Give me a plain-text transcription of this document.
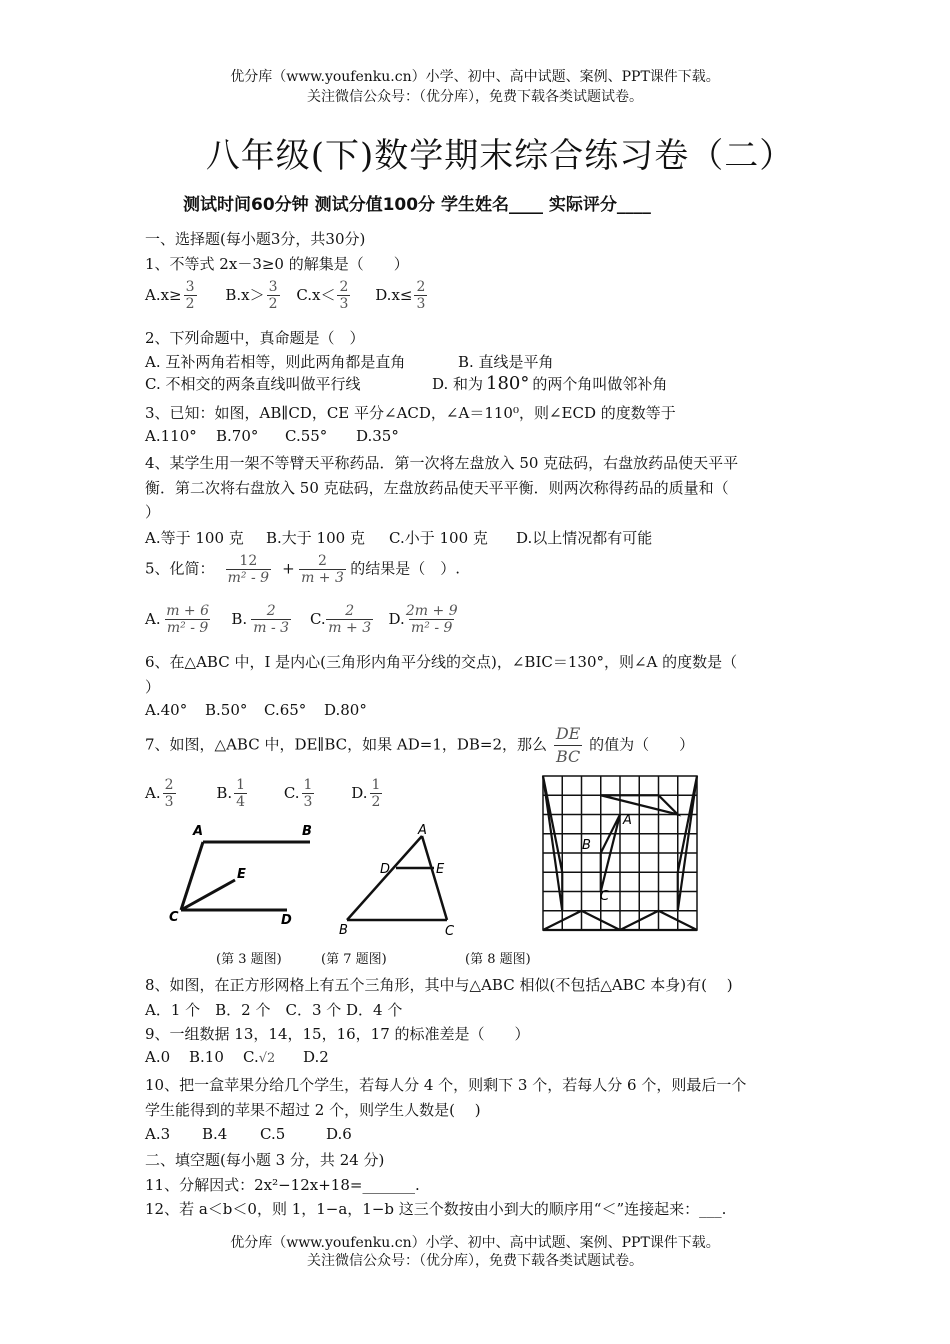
优分库（www.youfenku.cn）小学、初中、高中试题、案例、PPT课件下载。
关注微信公众号：（优分库），免费下载各类试题试卷。
八年级(下)数学期末综合练习卷（二）
测试时间60分钟 测试分值100分 学生姓名____ 实际评分____
一、选择题(每小题3分，共30分)
1、不等式 2x－3≥0 的解集是（　　）
$A.x\ge \frac{3}{2} B.x> \frac{3}{2} C.x< \frac{2}{3} D.x\le \frac{2}{3}$
2、下列命题中，真命题是（　）
A. 互补两角若相等，则此两角都是直角	B. 直线是平角
C. 不相交的两条直线叫做平行线	D. 和为 180° 的两个角叫做邻补角
3、已知：如图，AB∥CD，CE 平分∠ACD，∠A＝110⁰，则∠ECD 的度数等于
A.110° B.70° C.55° D.35°
4、某学生用一架不等臂天平称药品．第一次将左盘放入 50 克砝码，右盘放药品使天平平
衡．第二次将右盘放入 50 克砝码，左盘放药品使天平平衡．则两次称得药品的质量和（
）
A.等于 100 克 B.大于 100 克 C.小于 100 克 D.以上情况都有可能
5、化简： $\frac{12}{\text{m² - 9}} + \frac{2}{m + 3}$ 的结果是（　）.
A. $\frac{m + 6}{\text{m² - 9}} B$. $\frac{2}{m - 3} C$. $\frac{2}{m + 3} D$. $\frac{2m + 9}{\text{m² - 9}}$
6、在△ABC 中，I 是内心(三角形内角平分线的交点)，∠BIC＝130°，则∠A 的度数是（
）
A.40° B.50° C.65° D.80°
7、如图，△ABC 中，DE∥BC，如果 AD=1，DB=2，那么 $\frac{DE}{BC}$ 的值为（　　）
A. $\frac{2}{3}$	B. $\frac{1}{4} C$. $\frac{1}{3} D$. $\frac{1}{2}$
A	B
C	D
E
A
B	C
D	E
A
B
C
(第 3 题图)	(第 7 题图)	(第 8 题图)
8、如图，在正方形网格上有五个三角形，其中与△ABC 相似(不包括△ABC 本身)有(　 )
A．1 个　B．2 个　C．3 个 D．4 个
9、一组数据 13，14，15，16，17 的标准差是（　　）
A.0 B.10 C.√2 D.2
10、把一盒苹果分给几个学生，若每人分 4 个，则剩下 3 个，若每人分 6 个，则最后一个
学生能得到的苹果不超过 2 个，则学生人数是(　 )
A.3 B.4 C.5	D.6
二、填空题(每小题 3 分，共 24 分)
11、分解因式：2x²−12x+18=_______.
12、若 a＜b＜0，则 1，1−a，1−b 这三个数按由小到大的顺序用“＜”连接起来：___.
优分库（www.youfenku.cn）小学、初中、高中试题、案例、PPT课件下载。
关注微信公众号：（优分库），免费下载各类试题试卷。
